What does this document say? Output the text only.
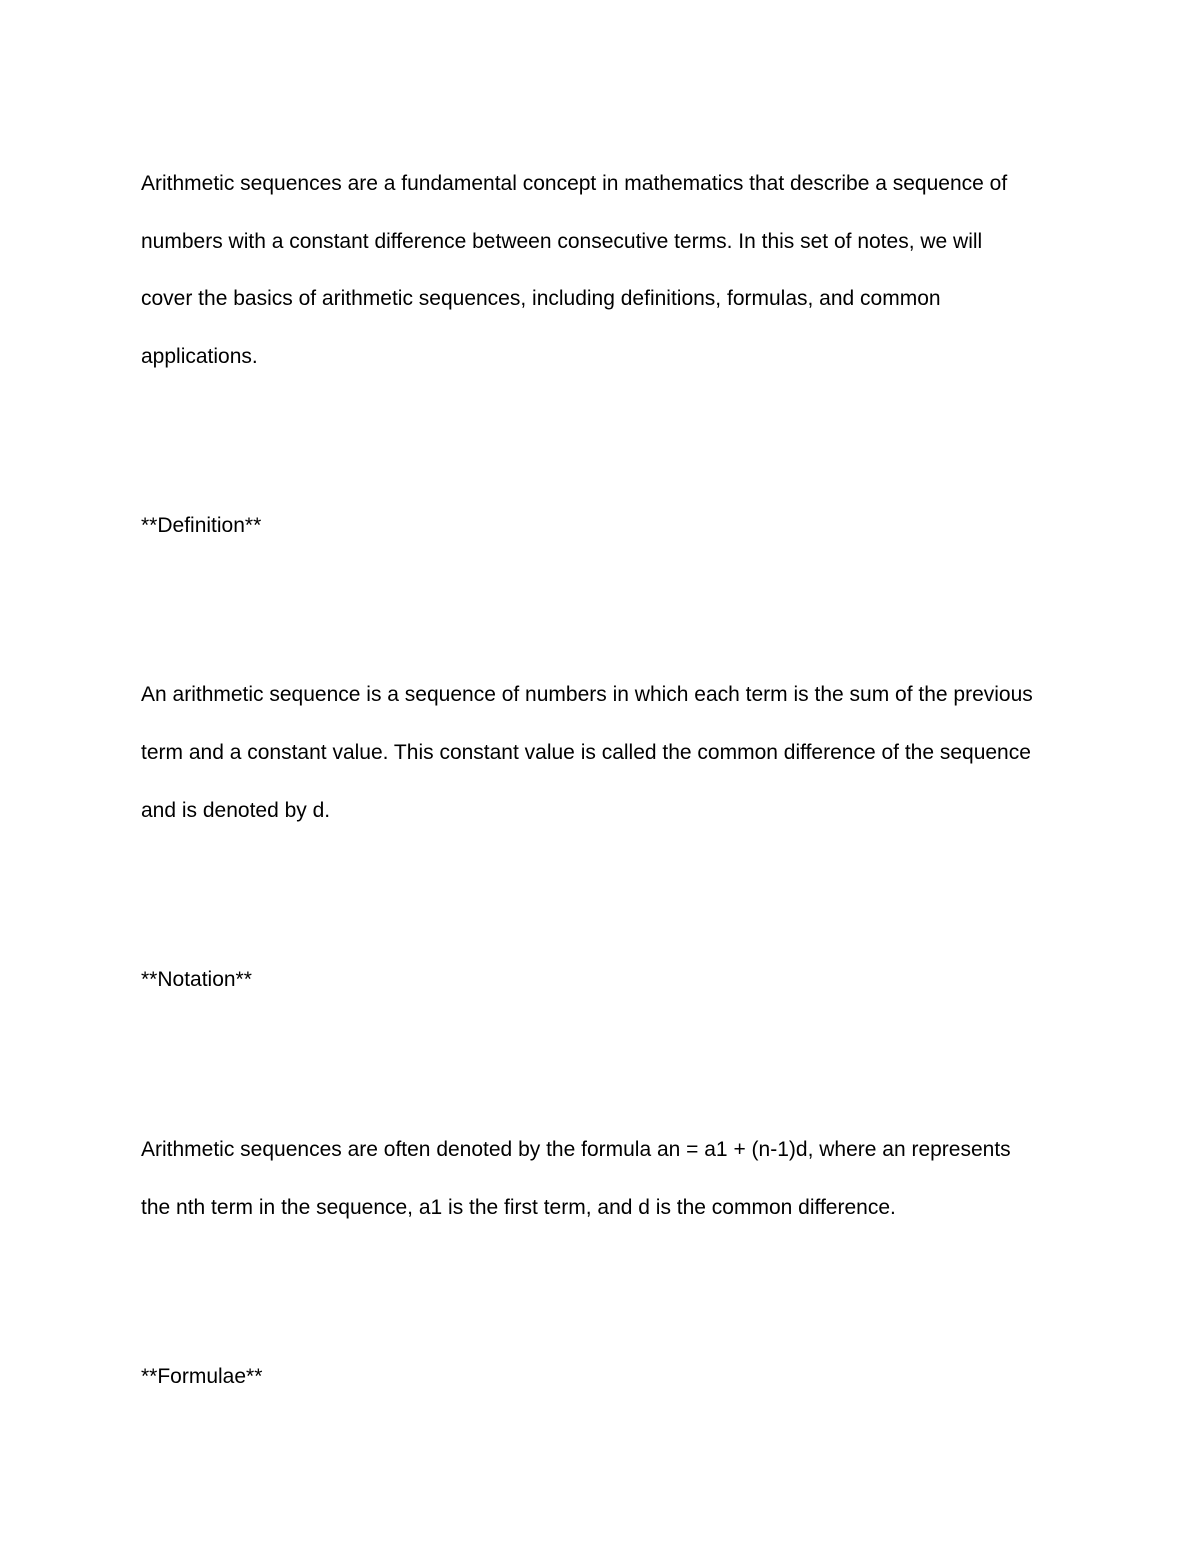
Arithmetic sequences are a fundamental concept in mathematics that describe a sequence of
numbers with a constant difference between consecutive terms. In this set of notes, we will
cover the basics of arithmetic sequences, including definitions, formulas, and common
applications.
**Definition**
An arithmetic sequence is a sequence of numbers in which each term is the sum of the previous
term and a constant value. This constant value is called the common difference of the sequence
and is denoted by d.
**Notation**
Arithmetic sequences are often denoted by the formula an = a1 + (n-1)d, where an represents
the nth term in the sequence, a1 is the first term, and d is the common difference.
**Formulae**
